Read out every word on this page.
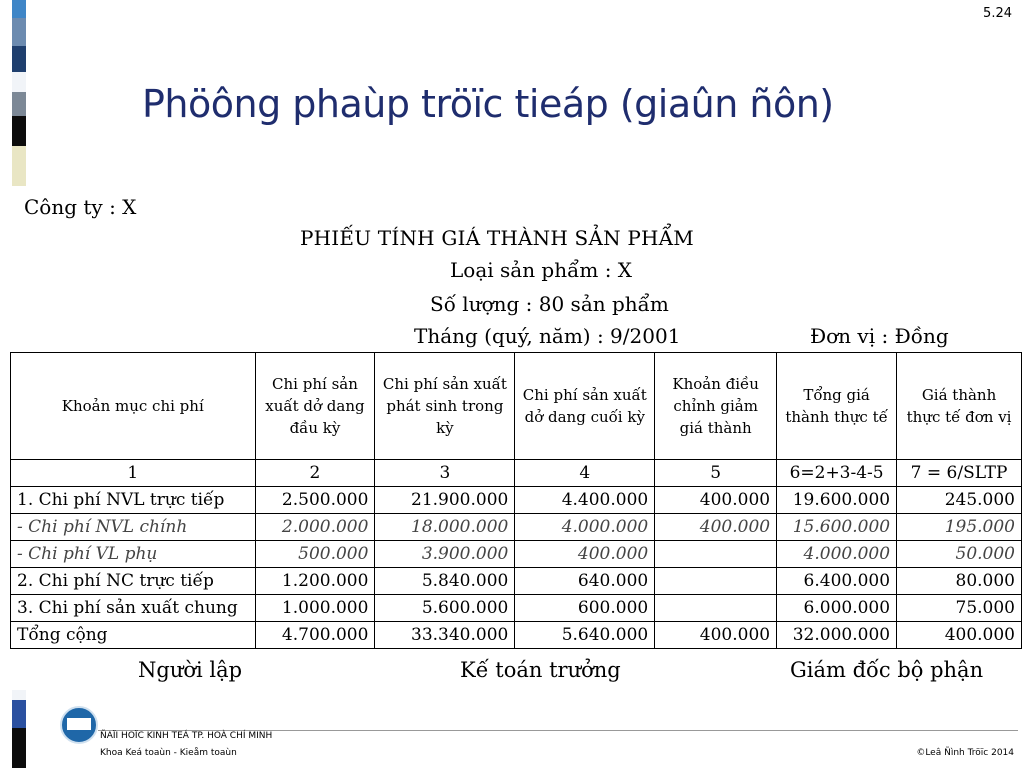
5.24
Phöông phaùp tröïc tieáp (giaûn ñôn)
Công ty : X
PHIẾU TÍNH GIÁ THÀNH SẢN PHẨM
Loại sản phẩm : X
Số lượng : 80 sản phẩm
Tháng (quý, năm) : 9/2001	Đơn vị : Đồng
Khoản mục chi phí	Chi phí sản xuất dở dang đầu kỳ	Chi phí sản xuất phát sinh trong kỳ	Chi phí sản xuất dở dang cuối kỳ	Khoản điều chỉnh giảm giá thành	Tổng giá thành thực tế	Giá thành thực tế đơn vị
1	2	3	4	5	6=2+3-4-5	7 = 6/SLTP
1. Chi phí NVL trực tiếp	2.500.000	21.900.000	4.400.000	400.000	19.600.000	245.000
- Chi phí NVL chính	2.000.000	18.000.000	4.000.000	400.000	15.600.000	195.000
- Chi phí VL phụ	500.000	3.900.000	400.000		4.000.000	50.000
2. Chi phí NC trực tiếp	1.200.000	5.840.000	640.000		6.400.000	80.000
3. Chi phí sản xuất chung	1.000.000	5.600.000	600.000		6.000.000	75.000
Tổng cộng	4.700.000	33.340.000	5.640.000	400.000	32.000.000	400.000
Người lập	Kế toán trưởng	Giám đốc bộ phận
ÑAÏI HOÏC KINH TEÁ TP. HOÀ CHÍ MINH
Khoa Keá toaùn - Kieåm toaùn	©Leâ Ñình Tröïc 2014
